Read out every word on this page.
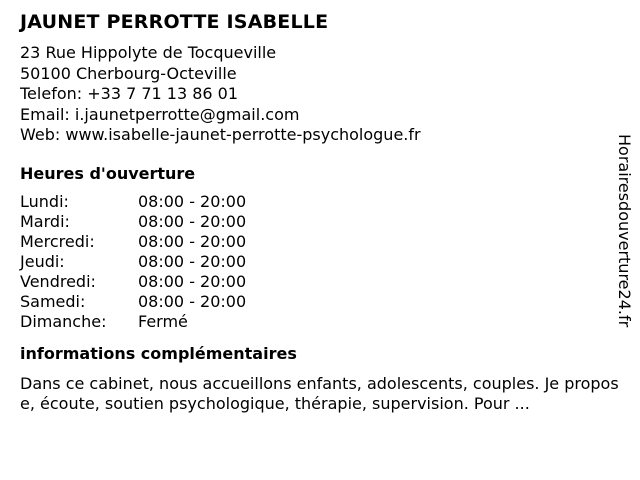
JAUNET PERROTTE ISABELLE
23 Rue Hippolyte de Tocqueville
50100 Cherbourg-Octeville
Telefon: +33 7 71 13 86 01
Email: i.jaunetperrotte@gmail.com
Web: www.isabelle-jaunet-perrotte-psychologue.fr
Heures d'ouverture
Lundi:	08:00 - 20:00
Mardi:	08:00 - 20:00
Mercredi:	08:00 - 20:00
Jeudi:	08:00 - 20:00
Vendredi:	08:00 - 20:00
Samedi:	08:00 - 20:00
Dimanche:	Fermé
informations complémentaires
Dans ce cabinet, nous accueillons enfants, adolescents, couples. Je propose, écoute, soutien psychologique, thérapie, supervision. Pour ...
Horairesdouverture24.fr
